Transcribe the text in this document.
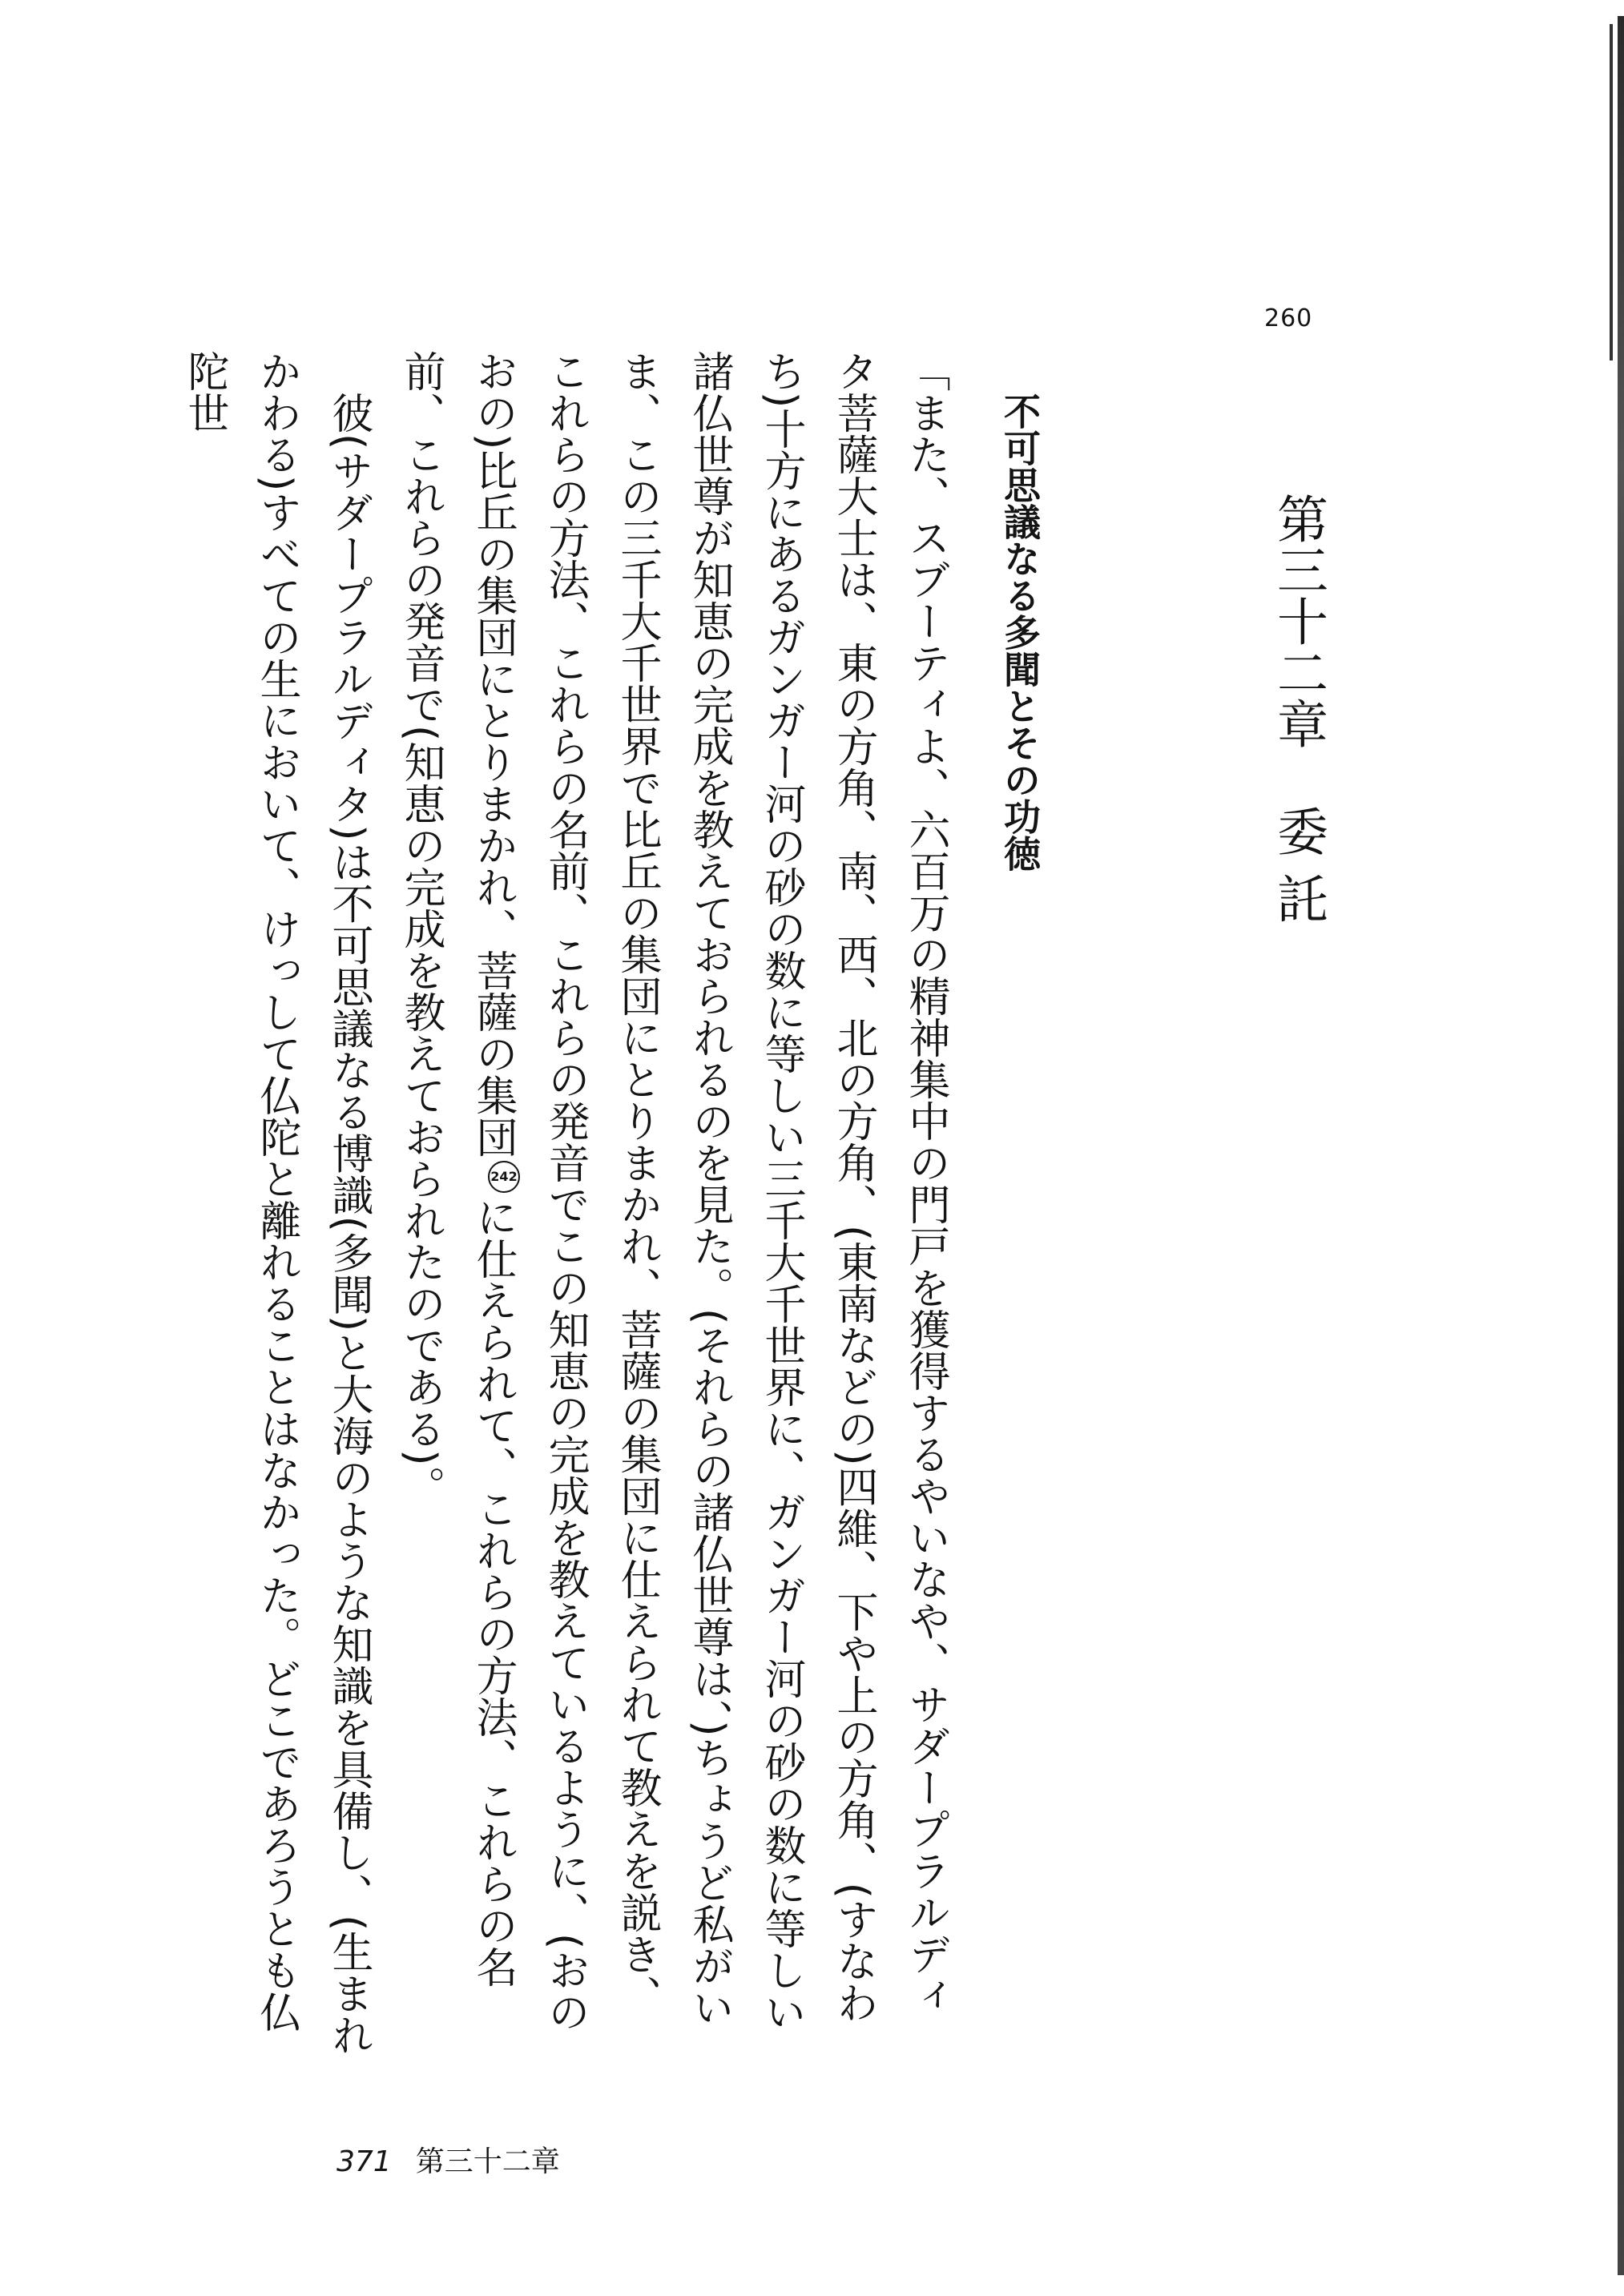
260
第三十二章委 託
不可思議なる多聞とその功徳

「また、スブーティよ、六百万の精神集中の門戸を獲得するやいなや、サダープラルディタ菩薩大士は、東の方角、南、西、北の方角、(東南などの)四維、下や上の方角、(すなわち)十方にあるガンガー河の砂の数に等しい三千大千世界に、ガンガー河の砂の数に等しい諸仏世尊が知恵の完成を教えておられるのを見た。(それらの諸仏世尊は、)ちょうど私がいま、この三千大千世界で比丘の集団にとりまかれ、菩薩の集団に仕えられて教えを説き、これらの方法、これらの名前、これらの発音でこの知恵の完成を教えているように、(おのおの)比丘の集団にとりまかれ、菩薩の集団242に仕えられて、これらの方法、これらの名前、これらの発音で(知恵の完成を教えておられたのである)。

　彼(サダープラルディタ)は不可思議なる博識(多聞)と大海のような知識を具備し、(生まれかわる)すべての生において、けっして仏陀と離れることはなかった。どこであろうとも仏陀世

371 第三十二章
